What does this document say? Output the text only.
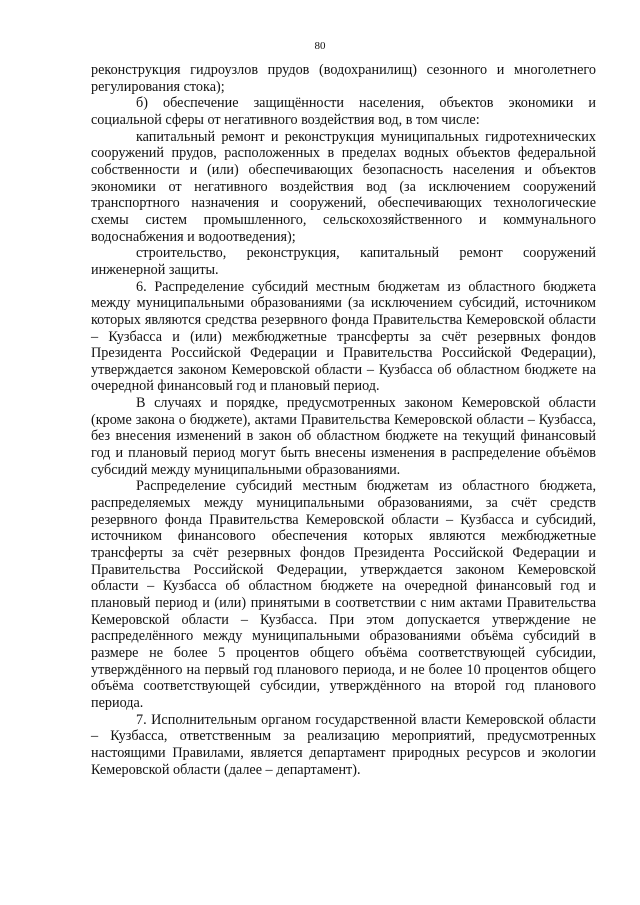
80

реконструкция гидроузлов прудов (водохранилищ) сезонного и многолетнего регулирования стока);

б) обеспечение защищённости населения, объектов экономики и социальной сферы от негативного воздействия вод, в том числе:

капитальный ремонт и реконструкция муниципальных гидротехнических сооружений прудов, расположенных в пределах водных объектов федеральной собственности и (или) обеспечивающих безопасность населения и объектов экономики от негативного воздействия вод (за исключением сооружений транспортного назначения и сооружений, обеспечивающих технологические схемы систем промышленного, сельскохозяйственного и коммунального водоснабжения и водоотведения);

строительство, реконструкция, капитальный ремонт сооружений инженерной защиты.

6. Распределение субсидий местным бюджетам из областного бюджета между муниципальными образованиями (за исключением субсидий, источником которых являются средства резервного фонда Правительства Кемеровской области – Кузбасса и (или) межбюджетные трансферты за счёт резервных фондов Президента Российской Федерации и Правительства Российской Федерации), утверждается законом Кемеровской области – Кузбасса об областном бюджете на очередной финансовый год и плановый период.

В случаях и порядке, предусмотренных законом Кемеровской области (кроме закона о бюджете), актами Правительства Кемеровской области – Кузбасса, без внесения изменений в закон об областном бюджете на текущий финансовый год и плановый период могут быть внесены изменения в распределение объёмов субсидий между муниципальными образованиями.

Распределение субсидий местным бюджетам из областного бюджета, распределяемых между муниципальными образованиями, за счёт средств резервного фонда Правительства Кемеровской области – Кузбасса и субсидий, источником финансового обеспечения которых являются межбюджетные трансферты за счёт резервных фондов Президента Российской Федерации и Правительства Российской Федерации, утверждается законом Кемеровской области – Кузбасса об областном бюджете на очередной финансовый год и плановый период и (или) принятыми в соответствии с ним актами Правительства Кемеровской области – Кузбасса. При этом допускается утверждение не распределённого между муниципальными образованиями объёма субсидий в размере не более 5 процентов общего объёма соответствующей субсидии, утверждённого на первый год планового периода, и не более 10 процентов общего объёма соответствующей субсидии, утверждённого на второй год планового периода.

7. Исполнительным органом государственной власти Кемеровской области – Кузбасса, ответственным за реализацию мероприятий, предусмотренных настоящими Правилами, является департамент природных ресурсов и экологии Кемеровской области (далее – департамент).
